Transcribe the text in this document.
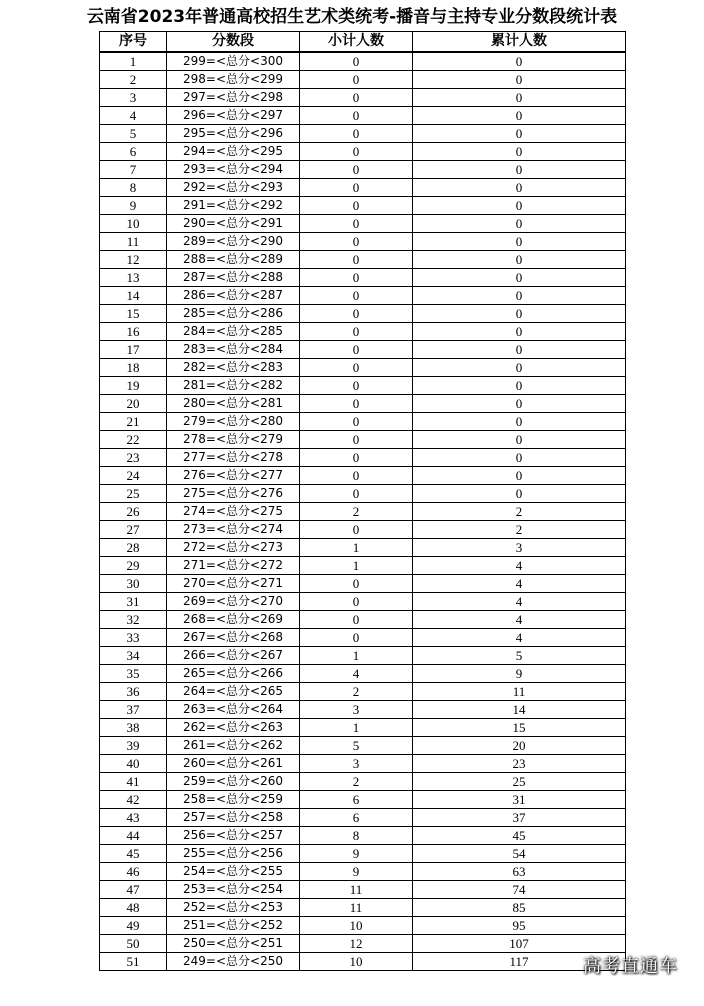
云南省2023年普通高校招生艺术类统考-播音与主持专业分数段统计表
序号	分数段	小计人数	累计人数
1	299=<总分<300	0	0
2	298=<总分<299	0	0
3	297=<总分<298	0	0
4	296=<总分<297	0	0
5	295=<总分<296	0	0
6	294=<总分<295	0	0
7	293=<总分<294	0	0
8	292=<总分<293	0	0
9	291=<总分<292	0	0
10	290=<总分<291	0	0
11	289=<总分<290	0	0
12	288=<总分<289	0	0
13	287=<总分<288	0	0
14	286=<总分<287	0	0
15	285=<总分<286	0	0
16	284=<总分<285	0	0
17	283=<总分<284	0	0
18	282=<总分<283	0	0
19	281=<总分<282	0	0
20	280=<总分<281	0	0
21	279=<总分<280	0	0
22	278=<总分<279	0	0
23	277=<总分<278	0	0
24	276=<总分<277	0	0
25	275=<总分<276	0	0
26	274=<总分<275	2	2
27	273=<总分<274	0	2
28	272=<总分<273	1	3
29	271=<总分<272	1	4
30	270=<总分<271	0	4
31	269=<总分<270	0	4
32	268=<总分<269	0	4
33	267=<总分<268	0	4
34	266=<总分<267	1	5
35	265=<总分<266	4	9
36	264=<总分<265	2	11
37	263=<总分<264	3	14
38	262=<总分<263	1	15
39	261=<总分<262	5	20
40	260=<总分<261	3	23
41	259=<总分<260	2	25
42	258=<总分<259	6	31
43	257=<总分<258	6	37
44	256=<总分<257	8	45
45	255=<总分<256	9	54
46	254=<总分<255	9	63
47	253=<总分<254	11	74
48	252=<总分<253	11	85
49	251=<总分<252	10	95
50	250=<总分<251	12	107
51	249=<总分<250	10	117	高考直通车
